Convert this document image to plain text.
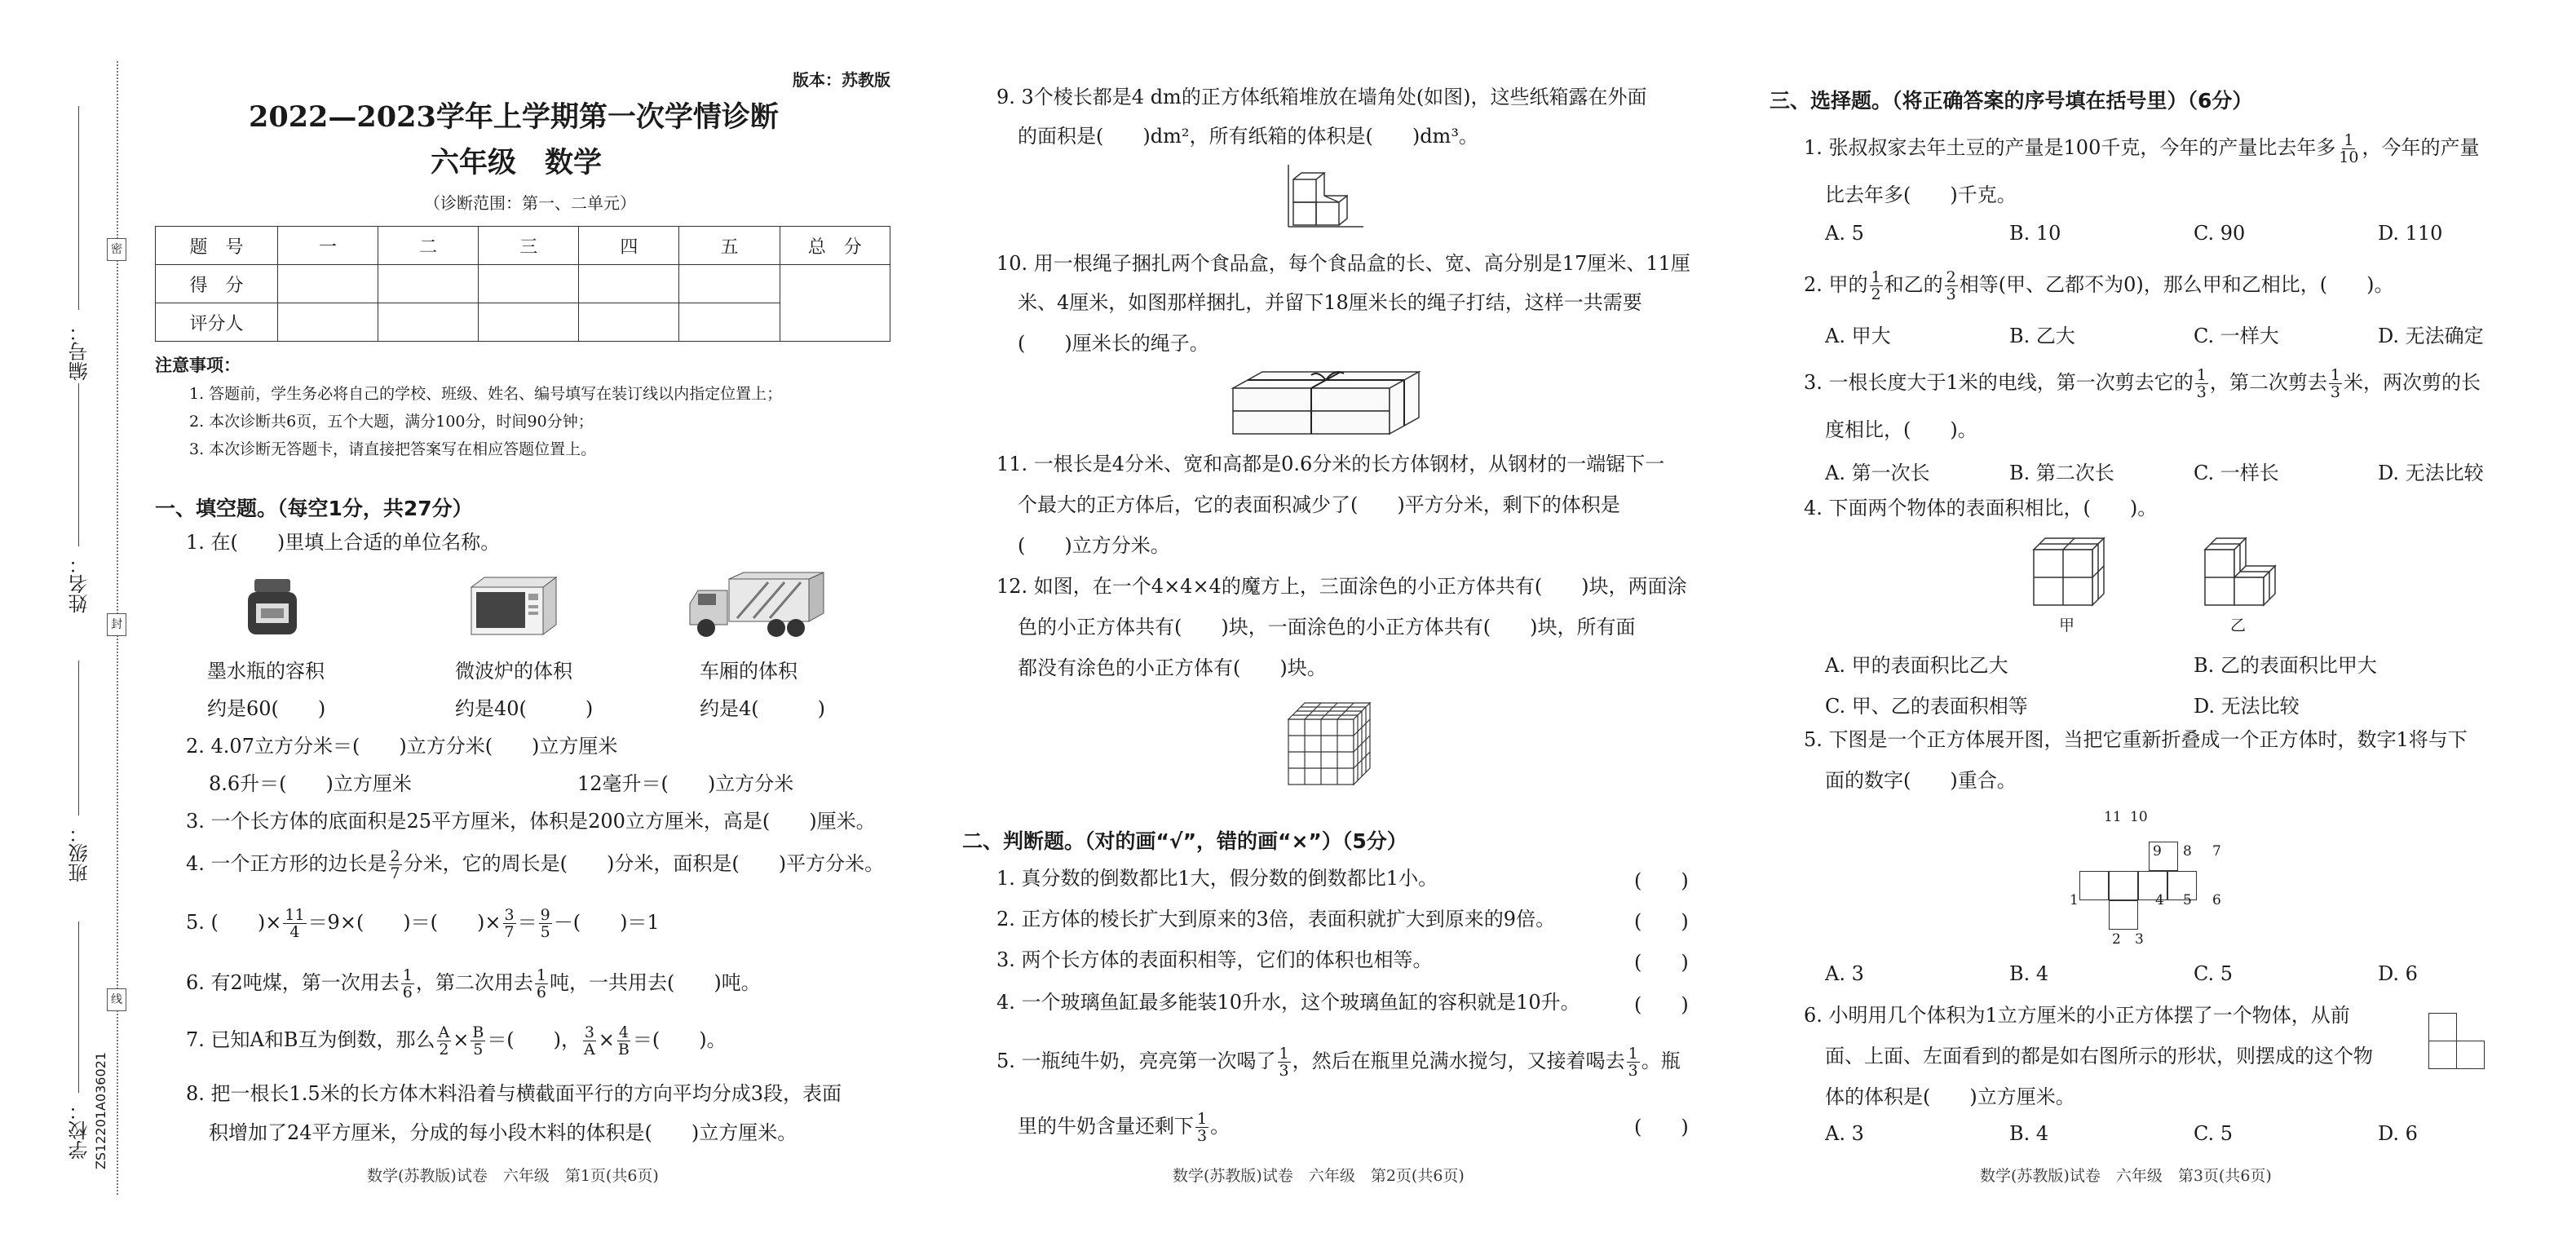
密
封
线
编号：
姓名：
班级：
学校： ZS12201A036021
版本：苏教版
2022—2023学年上学期第一次学情诊断
六年级　数学
（诊断范围：第一、二单元）
题　号	一	二	三	四	五	总　分
得　分						
评分人						
注意事项：
1. 答题前，学生务必将自己的学校、班级、姓名、编号填写在装订线以内指定位置上；
2. 本次诊断共6页，五个大题，满分100分，时间90分钟；
3. 本次诊断无答题卡，请直接把答案写在相应答题位置上。
一、填空题。（每空1分，共27分）
1. 在(　　)里填上合适的单位名称。
墨水瓶的容积
约是60(　　)
微波炉的体积
约是40(　　　)
车厢的体积
约是4(　　　)
2. 4.07立方分米＝(　　)立方分米(　　)立方厘米
8.6升＝(　　)立方厘米	12毫升＝(　　)立方分米
3. 一个长方体的底面积是25平方厘米，体积是200立方厘米，高是(　　)厘米。
4. 一个正方形的边长是 $\frac{2}{7}$ 分米，它的周长是(　　)分米，面积是(　　)平方分米。
5. (　　)× $\frac{11}{4} =9\times$(　　)＝(　　)× $\frac{3}{7} = \frac{9}{5}$ －(　　)＝1
6. 有2吨煤，第一次用去 $\frac{1}{6}$ ，第二次用去 $\frac{1}{6}$ 吨，一共用去(　　)吨。
7. 已知A和B互为倒数，那么 $\frac{A}{2} \times \frac{B}{5}$ ＝(　　)， $\frac{3}{A} \times \frac{4}{B}$ ＝(　　)。
8. 把一根长1.5米的长方体木料沿着与横截面平行的方向平均分成3段，表面
积增加了24平方厘米，分成的每小段木料的体积是(　　)立方厘米。
数学(苏教版)试卷　六年级　第1页(共6页)
9. 3个棱长都是4 dm的正方体纸箱堆放在墙角处(如图)，这些纸箱露在外面
的面积是(　　)dm²，所有纸箱的体积是(　　)dm³。
10. 用一根绳子捆扎两个食品盒，每个食品盒的长、宽、高分别是17厘米、11厘
米、4厘米，如图那样捆扎，并留下18厘米长的绳子打结，这样一共需要
(　　)厘米长的绳子。
11. 一根长是4分米、宽和高都是0.6分米的长方体钢材，从钢材的一端锯下一
个最大的正方体后，它的表面积减少了(　　)平方分米，剩下的体积是
(　　)立方分米。
12. 如图，在一个4×4×4的魔方上，三面涂色的小正方体共有(　　)块，两面涂
色的小正方体共有(　　)块，一面涂色的小正方体共有(　　)块，所有面
都没有涂色的小正方体有(　　)块。
二、判断题。（对的画“√”，错的画“×”）（5分）
1. 真分数的倒数都比1大，假分数的倒数都比1小。	(　　)
2. 正方体的棱长扩大到原来的3倍，表面积就扩大到原来的9倍。	(　　)
3. 两个长方体的表面积相等，它们的体积也相等。	(　　)
4. 一个玻璃鱼缸最多能装10升水，这个玻璃鱼缸的容积就是10升。	(　　)
5. 一瓶纯牛奶，亮亮第一次喝了 $\frac{1}{3}$ ，然后在瓶里兑满水搅匀，又接着喝去 $\frac{1}{3}$ 。瓶
里的牛奶含量还剩下 $\frac{1}{3}$ 。	(　　)
数学(苏教版)试卷　六年级　第2页(共6页)
三、选择题。（将正确答案的序号填在括号里）（6分）
1. 张叔叔家去年土豆的产量是100千克，今年的产量比去年多 $\frac{1}{10}$ ，今年的产量
比去年多(　　)千克。
A. 5	B. 10	C. 90	D. 110
2. 甲的 $\frac{1}{2}$ 和乙的 $\frac{2}{3}$ 相等(甲、乙都不为0)，那么甲和乙相比，(　　)。
A. 甲大	B. 乙大	C. 一样大	D. 无法确定
3. 一根长度大于1米的电线，第一次剪去它的 $\frac{1}{3}$ ，第二次剪去 $\frac{1}{3}$ 米，两次剪的长
度相比，(　　)。
A. 第一次长	B. 第二次长	C. 一样长	D. 无法比较
4. 下面两个物体的表面积相比，(　　)。
甲	乙
A. 甲的表面积比乙大	B. 乙的表面积比甲大
C. 甲、乙的表面积相等	D. 无法比较
5. 下图是一个正方体展开图，当把它重新折叠成一个正方体时，数字1将与下
面的数字(　　)重合。
11 10
9 8 7
1	4 5 6
2 3
A. 3	B. 4	C. 5	D. 6
6. 小明用几个体积为1立方厘米的小正方体摆了一个物体，从前
面、上面、左面看到的都是如右图所示的形状，则摆成的这个物
体的体积是(　　)立方厘米。
A. 3	B. 4	C. 5	D. 6
数学(苏教版)试卷　六年级　第3页(共6页)
